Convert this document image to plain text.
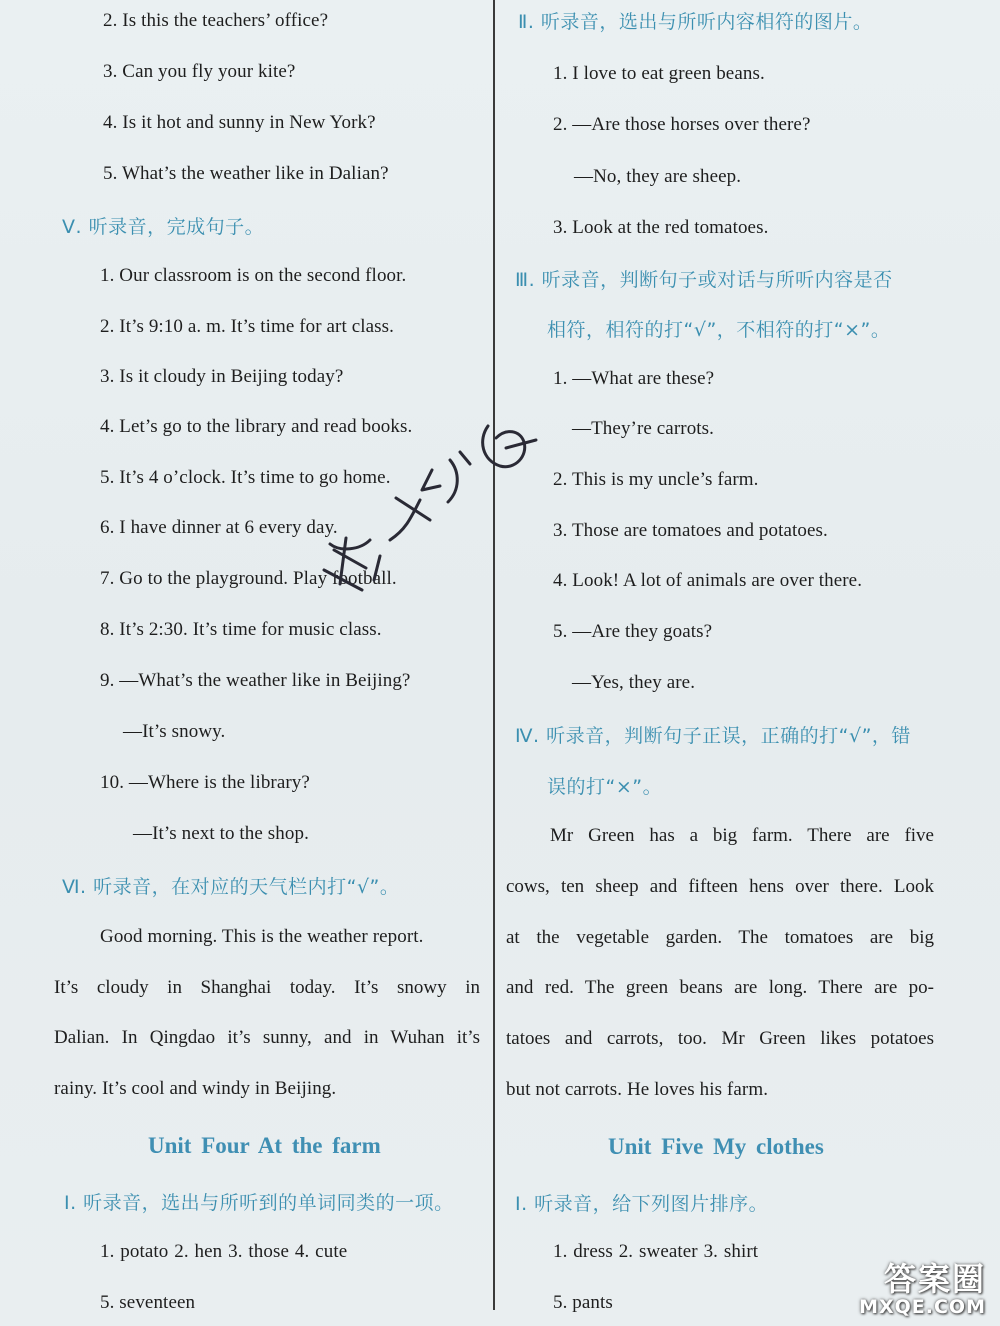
2. Is this the teachers’ office?
3. Can you fly your kite?
4. Is it hot and sunny in New York?
5. What’s the weather like in Dalian?
Ⅴ. 听录音，完成句子。
1. Our classroom is on the second floor.
2. It’s 9:10 a. m. It’s time for art class.
3. Is it cloudy in Beijing today?
4. Let’s go to the library and read books.
5. It’s 4 o’clock. It’s time to go home.
6. I have dinner at 6 every day.
7. Go to the playground. Play football.
8. It’s 2:30. It’s time for music class.
9. —What’s the weather like in Beijing?
—It’s snowy.
10. —Where is the library?
—It’s next to the shop.
Ⅵ. 听录音，在对应的天气栏内打“√”。
Good morning. This is the weather report.
It’s cloudy in Shanghai today. It’s snowy in
Dalian. In Qingdao it’s sunny, and in Wuhan it’s
rainy. It’s cool and windy in Beijing.
Unit Four At the farm
Ⅰ. 听录音，选出与所听到的单词同类的一项。
1. potato 2. hen 3. those 4. cute
5. seventeen
Ⅱ. 听录音，选出与所听内容相符的图片。
1. I love to eat green beans.
2. —Are those horses over there?
—No, they are sheep.
3. Look at the red tomatoes.
Ⅲ. 听录音，判断句子或对话与所听内容是否
相符，相符的打“√”，不相符的打“×”。
1. —What are these?
—They’re carrots.
2. This is my uncle’s farm.
3. Those are tomatoes and potatoes.
4. Look! A lot of animals are over there.
5. —Are they goats?
—Yes, they are.
Ⅳ. 听录音，判断句子正误，正确的打“√”，错
误的打“×”。
Mr Green has a big farm. There are five
cows, ten sheep and fifteen hens over there. Look
at the vegetable garden. The tomatoes are big
and red. The green beans are long. There are po-
tatoes and carrots, too. Mr Green likes potatoes
but not carrots. He loves his farm.
Unit Five My clothes
Ⅰ. 听录音，给下列图片排序。
1. dress 2. sweater 3. shirt
5. pants
答案圈
MXQE.COM
